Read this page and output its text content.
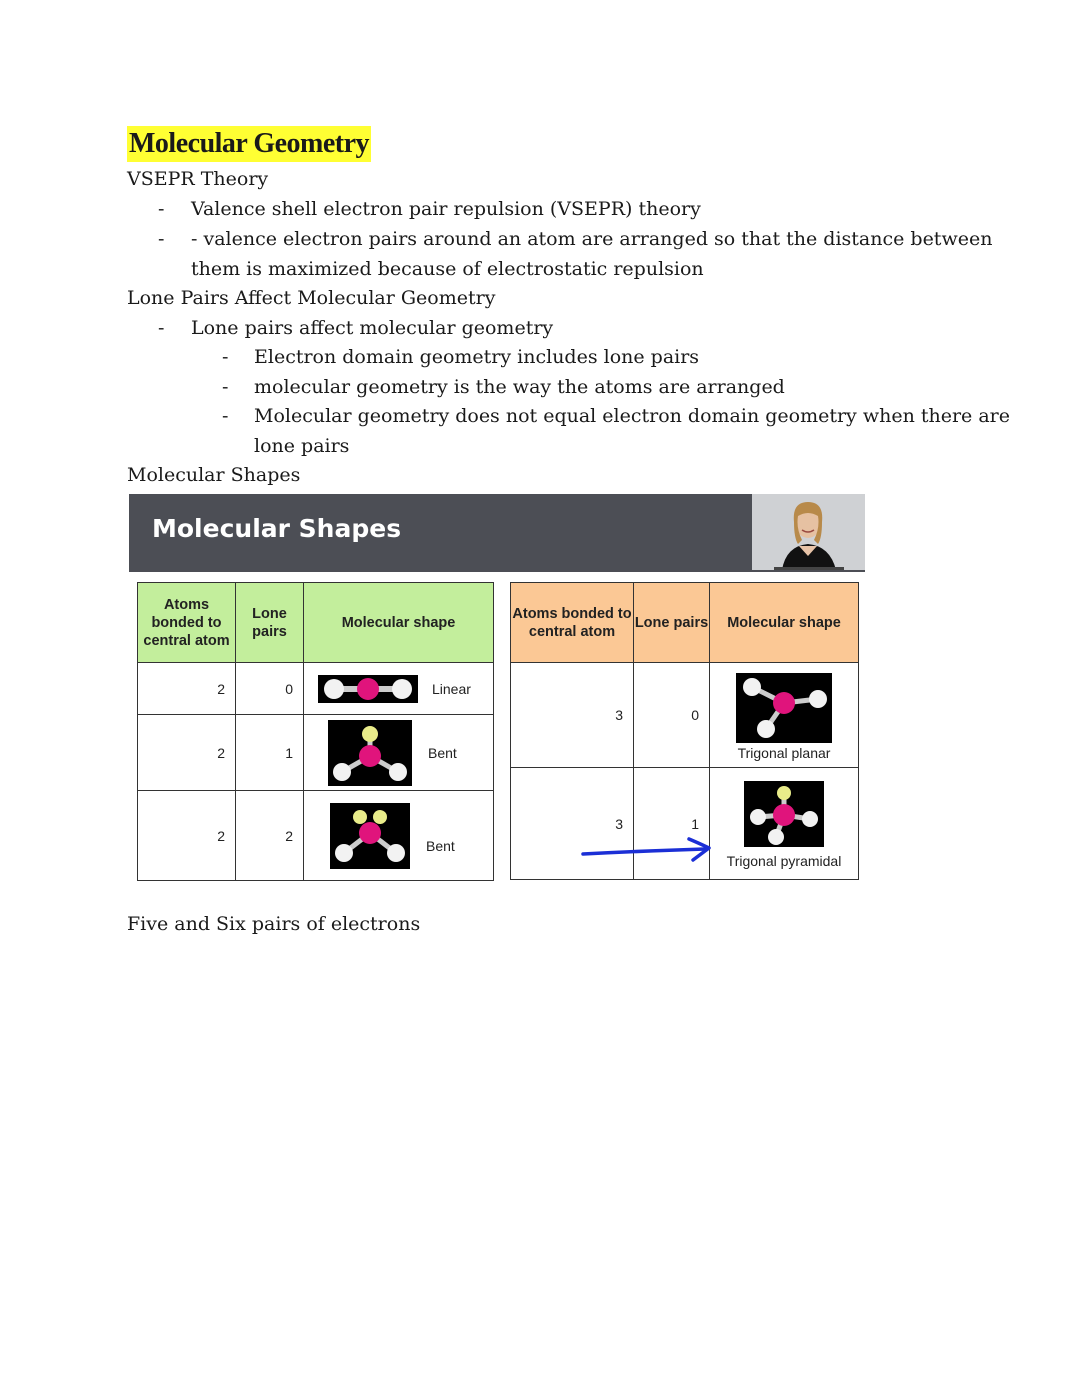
Molecular Geometry
VSEPR Theory
- Valence shell electron pair repulsion (VSEPR) theory
- - valence electron pairs around an atom are arranged so that the distance between
them is maximized because of electrostatic repulsion
Lone Pairs Affect Molecular Geometry
- Lone pairs affect molecular geometry
- Electron domain geometry includes lone pairs
- molecular geometry is the way the atoms are arranged
- Molecular geometry does not equal electron domain geometry when there are
lone pairs
Molecular Shapes
Molecular Shapes
Atoms bonded to central atom	Lone pairs	Molecular shape
2	0	Linear

2	1	Bent

2	2	Bent
Atoms bonded to central atom	Lone pairs	Molecular shape
3	0	Trigonal planar
3	1	Trigonal pyramidal
Five and Six pairs of electrons
